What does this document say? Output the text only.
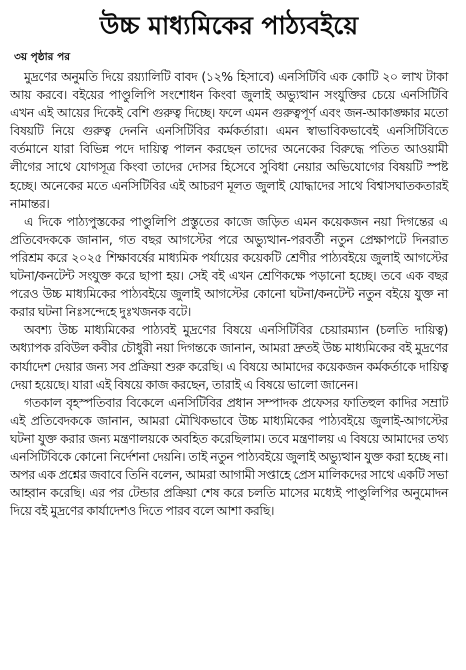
উচ্চ মাধ্যমিকের পাঠ্যবইয়ে
৩য় পৃষ্ঠার পর

মুদ্রণের অনুমতি দিয়ে রয়্যালিটি বাবদ (১২% হিসাবে) এনসিটিবি এক কোটি ২০ লাখ টাকা আয় করবে। বইয়ের পাণ্ডুলিপি সংশোধন কিংবা জুলাই অভ্যুত্থান সংযুক্তির চেয়ে এনসিটিবি এখন এই আয়ের দিকেই বেশি গুরুত্ব দিচ্ছে। ফলে এমন গুরুত্বপূর্ণ এবং জন-আকাঙ্ক্ষার মতো বিষয়টি নিয়ে গুরুত্ব দেননি এনসিটিবির কর্মকর্তারা। এমন স্বাভাবিকভাবেই এনসিটিবিতে বর্তমানে যারা বিভিন্ন পদে দায়িত্ব পালন করছেন তাদের অনেকের বিরুদ্ধে পতিত আওয়ামী লীগের সাথে যোগসূত্র কিংবা তাদের দোসর হিসেবে সুবিধা নেয়ার অভিযোগের বিষয়টি স্পষ্ট হচ্ছে। অনেকের মতে এনসিটিবির এই আচরণ মূলত জুলাই যোদ্ধাদের সাথে বিশ্বাসঘাতকতারই নামান্তর।

এ দিকে পাঠ্যপুস্তকের পাণ্ডুলিপি প্রস্তুতের কাজে জড়িত এমন কয়েকজন নয়া দিগন্তের এ প্রতিবেদককে জানান, গত বছর আগস্টের পরে অভ্যুত্থান-পরবর্তী নতুন প্রেক্ষাপটে দিনরাত পরিশ্রম করে ২০২৫ শিক্ষাবর্ষের মাধ্যমিক পর্যায়ের কয়েকটি শ্রেণীর পাঠ্যবইয়ে জুলাই আগস্টের ঘটনা/কনটেন্ট সংযুক্ত করে ছাপা হয়। সেই বই এখন শ্রেণিকক্ষে পড়ানো হচ্ছে। তবে এক বছর পরেও উচ্চ মাধ্যমিকের পাঠ্যবইয়ে জুলাই আগস্টের কোনো ঘটনা/কনটেন্ট নতুন বইয়ে যুক্ত না করার ঘটনা নিঃসন্দেহে দুঃখজনক বটে।

অবশ্য উচ্চ মাধ্যমিকের পাঠ্যবই মুদ্রণের বিষয়ে এনসিটিবির চেয়ারম্যান (চলতি দায়িত্ব) অধ্যাপক রবিউল কবীর চৌধুরী নয়া দিগন্তকে জানান, আমরা দ্রুতই উচ্চ মাধ্যমিকের বই মুদ্রণের কার্যাদেশ দেয়ার জন্য সব প্রক্রিয়া শুরু করেছি। এ বিষয়ে আমাদের কয়েকজন কর্মকর্তাকে দায়িত্ব দেয়া হয়েছে। যারা এই বিষয়ে কাজ করছেন, তারাই এ বিষয়ে ভালো জানেন।

গতকাল বৃহস্পতিবার বিকেলে এনসিটিবির প্রধান সম্পাদক প্রফেসর ফাতিহুল কাদির সম্রাট এই প্রতিবেদককে জানান, আমরা মৌখিকভাবে উচ্চ মাধ্যমিকের পাঠ্যবইয়ে জুলাই-আগস্টের ঘটনা যুক্ত করার জন্য মন্ত্রণালয়কে অবহিত করেছিলাম। তবে মন্ত্রণালয় এ বিষয়ে আমাদের তথ্য এনসিটিবিকে কোনো নির্দেশনা দেয়নি। তাই নতুন পাঠ্যবইয়ে জুলাই অভ্যুত্থান যুক্ত করা হচ্ছে না। অপর এক প্রশ্নের জবাবে তিনি বলেন, আমরা আগামী সপ্তাহে প্রেস মালিকদের সাথে একটি সভা আহ্বান করেছি। এর পর টেন্ডার প্রক্রিয়া শেষ করে চলতি মাসের মধ্যেই পাণ্ডুলিপির অনুমোদন দিয়ে বই মুদ্রণের কার্যাদেশও দিতে পারব বলে আশা করছি।
